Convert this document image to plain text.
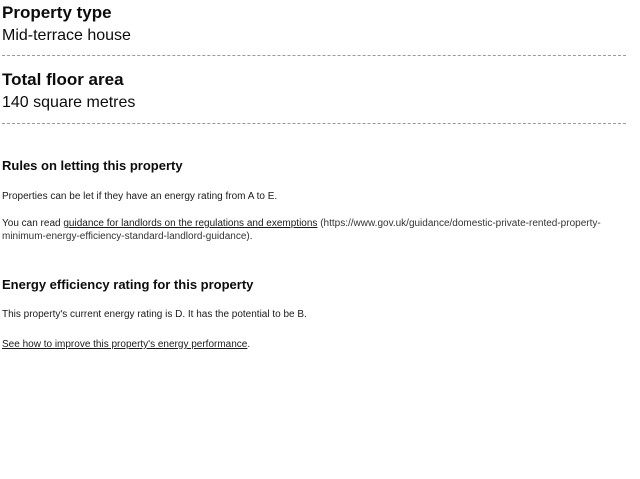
Property type

Mid-terrace house

Total floor area

140 square metres

Rules on letting this property

Properties can be let if they have an energy rating from A to E.

You can read guidance for landlords on the regulations and exemptions (https://www.gov.uk/guidance/domestic-private-rented-property-minimum-energy-efficiency-standard-landlord-guidance).

Energy efficiency rating for this property

This property's current energy rating is D. It has the potential to be B.

See how to improve this property's energy performance.
